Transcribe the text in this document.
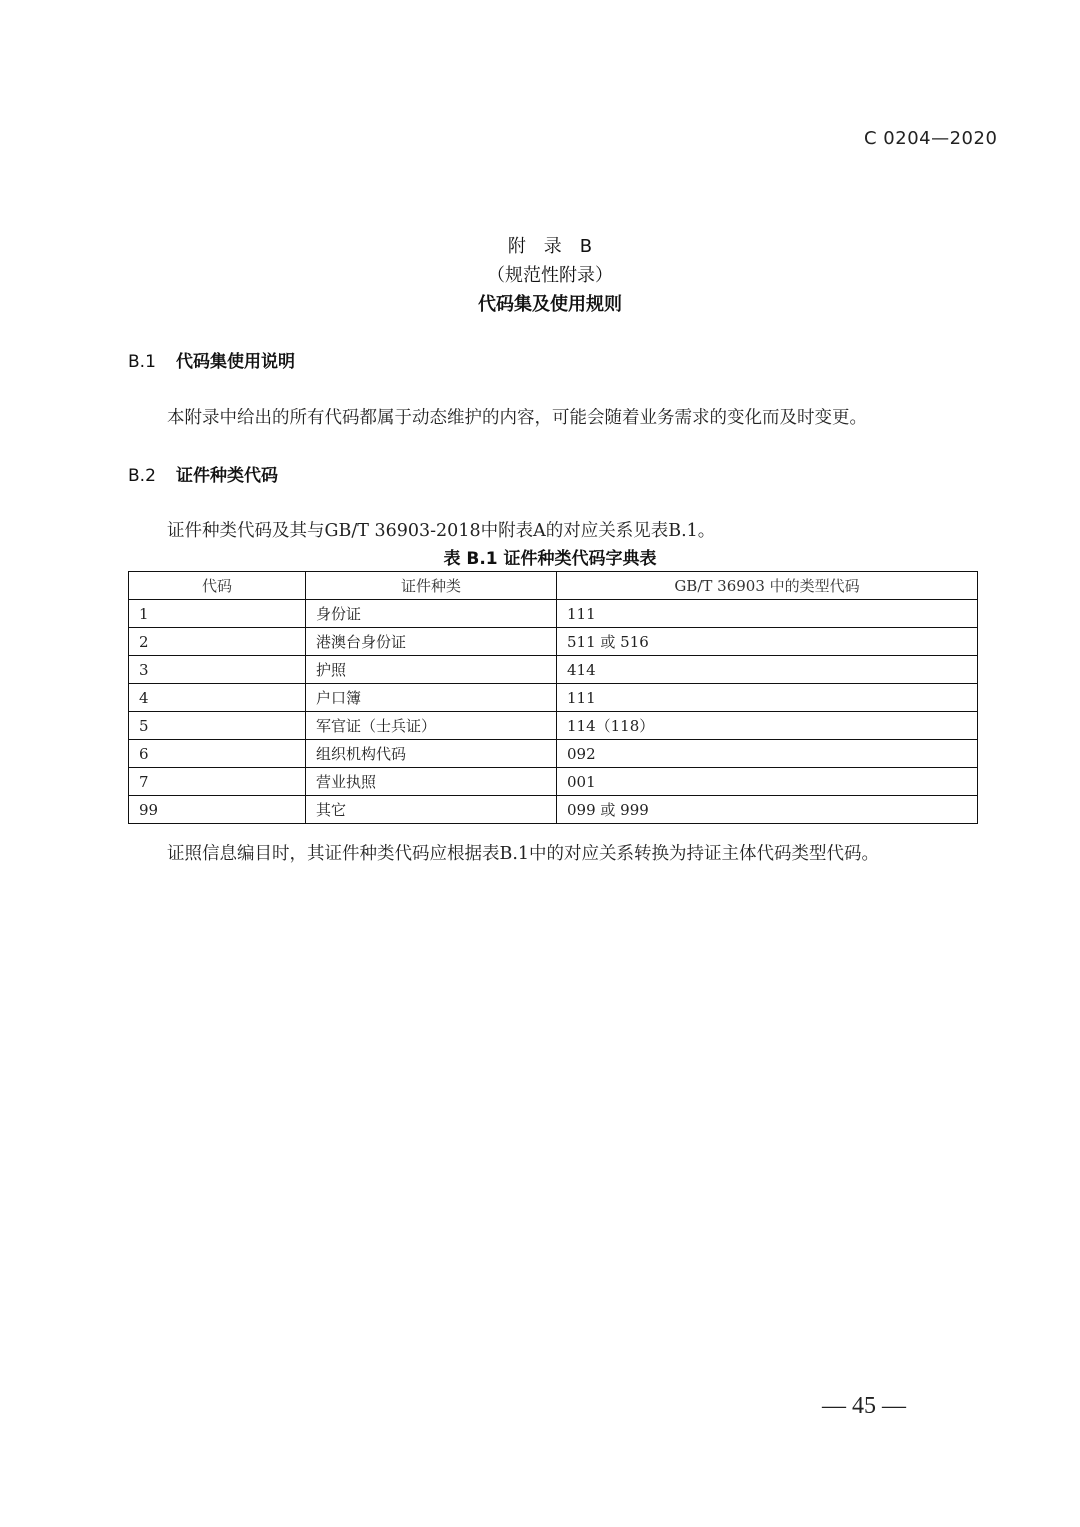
C 0204—2020
附　录　B
（规范性附录）
代码集及使用规则
B.1 代码集使用说明
本附录中给出的所有代码都属于动态维护的内容，可能会随着业务需求的变化而及时变更。
B.2 证件种类代码
证件种类代码及其与GB/T 36903-2018中附表A的对应关系见表B.1。
表 B.1 证件种类代码字典表
代码	证件种类	GB/T 36903 中的类型代码
1	身份证	111
2	港澳台身份证	511 或 516
3	护照	414
4	户口簿	111
5	军官证（士兵证）	114（118）
6	组织机构代码	092
7	营业执照	001
99	其它	099 或 999
证照信息编目时，其证件种类代码应根据表B.1中的对应关系转换为持证主体代码类型代码。
— 45 —
